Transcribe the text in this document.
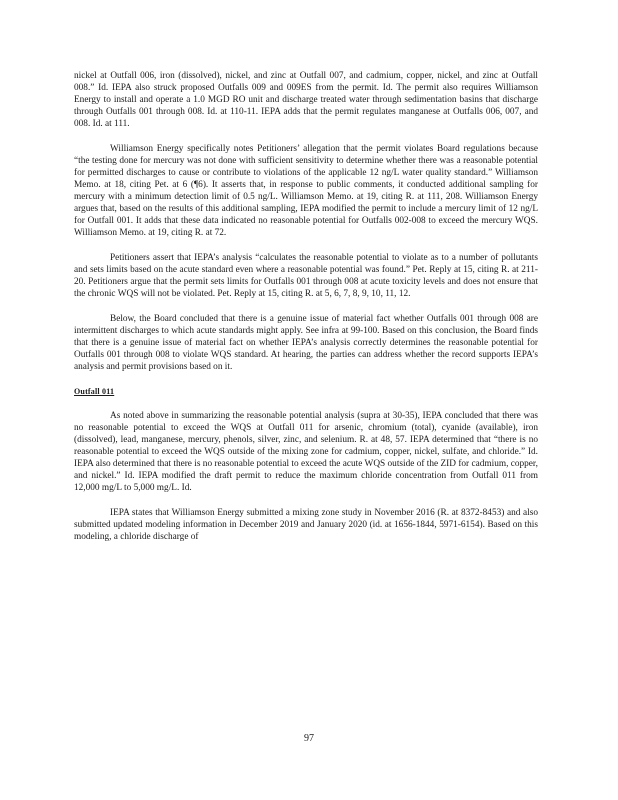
nickel at Outfall 006, iron (dissolved), nickel, and zinc at Outfall 007, and cadmium, copper, nickel, and zinc at Outfall 008.” Id. IEPA also struck proposed Outfalls 009 and 009ES from the permit. Id. The permit also requires Williamson Energy to install and operate a 1.0 MGD RO unit and discharge treated water through sedimentation basins that discharge through Outfalls 001 through 008. Id. at 110-11. IEPA adds that the permit regulates manganese at Outfalls 006, 007, and 008. Id. at 111.

Williamson Energy specifically notes Petitioners’ allegation that the permit violates Board regulations because “the testing done for mercury was not done with sufficient sensitivity to determine whether there was a reasonable potential for permitted discharges to cause or contribute to violations of the applicable 12 ng/L water quality standard.” Williamson Memo. at 18, citing Pet. at 6 (¶6). It asserts that, in response to public comments, it conducted additional sampling for mercury with a minimum detection limit of 0.5 ng/L. Williamson Memo. at 19, citing R. at 111, 208. Williamson Energy argues that, based on the results of this additional sampling, IEPA modified the permit to include a mercury limit of 12 ng/L for Outfall 001. It adds that these data indicated no reasonable potential for Outfalls 002-008 to exceed the mercury WQS. Williamson Memo. at 19, citing R. at 72.

Petitioners assert that IEPA’s analysis “calculates the reasonable potential to violate as to a number of pollutants and sets limits based on the acute standard even where a reasonable potential was found.” Pet. Reply at 15, citing R. at 211-20. Petitioners argue that the permit sets limits for Outfalls 001 through 008 at acute toxicity levels and does not ensure that the chronic WQS will not be violated. Pet. Reply at 15, citing R. at 5, 6, 7, 8, 9, 10, 11, 12.

Below, the Board concluded that there is a genuine issue of material fact whether Outfalls 001 through 008 are intermittent discharges to which acute standards might apply. See infra at 99-100. Based on this conclusion, the Board finds that there is a genuine issue of material fact on whether IEPA’s analysis correctly determines the reasonable potential for Outfalls 001 through 008 to violate WQS standard. At hearing, the parties can address whether the record supports IEPA’s analysis and permit provisions based on it.

Outfall 011

As noted above in summarizing the reasonable potential analysis (supra at 30-35), IEPA concluded that there was no reasonable potential to exceed the WQS at Outfall 011 for arsenic, chromium (total), cyanide (available), iron (dissolved), lead, manganese, mercury, phenols, silver, zinc, and selenium. R. at 48, 57. IEPA determined that “there is no reasonable potential to exceed the WQS outside of the mixing zone for cadmium, copper, nickel, sulfate, and chloride.” Id. IEPA also determined that there is no reasonable potential to exceed the acute WQS outside of the ZID for cadmium, copper, and nickel.” Id. IEPA modified the draft permit to reduce the maximum chloride concentration from Outfall 011 from 12,000 mg/L to 5,000 mg/L. Id.

IEPA states that Williamson Energy submitted a mixing zone study in November 2016 (R. at 8372-8453) and also submitted updated modeling information in December 2019 and January 2020 (id. at 1656-1844, 5971-6154). Based on this modeling, a chloride discharge of

97
